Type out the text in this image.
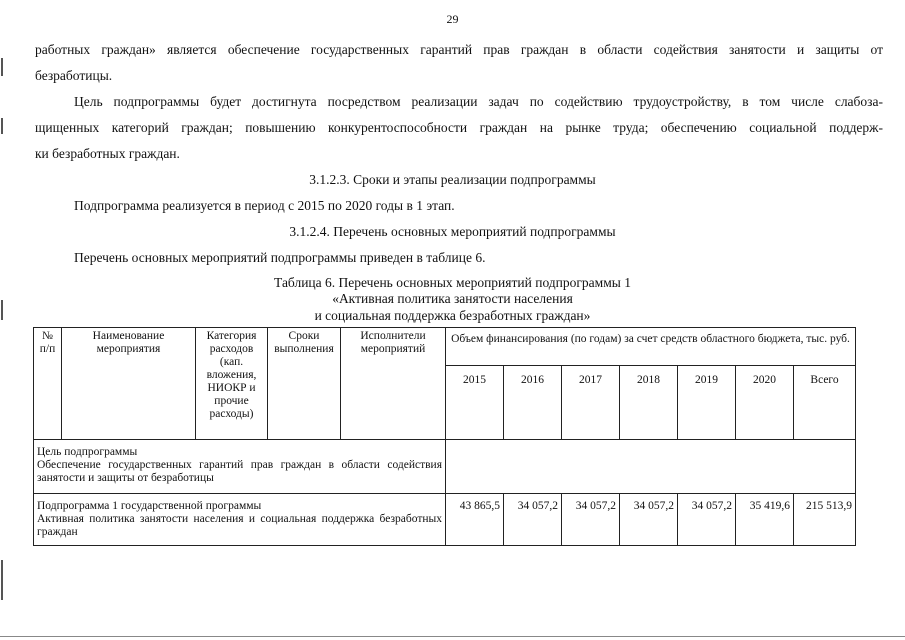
29
работных граждан» является обеспечение государственных гарантий прав граждан в области содействия занятости и защиты от
безработицы.
Цель подпрограммы будет достигнута посредством реализации задач по содействию трудоустройству, в том числе слабоза-
щищенных категорий граждан; повышению конкурентоспособности граждан на рынке труда; обеспечению социальной поддерж-
ки безработных граждан.
3.1.2.3. Сроки и этапы реализации подпрограммы
Подпрограмма реализуется в период с 2015 по 2020 годы в 1 этап.
3.1.2.4. Перечень основных мероприятий подпрограммы
Перечень основных мероприятий подпрограммы приведен в таблице 6.
Таблица 6. Перечень основных мероприятий подпрограммы 1
«Активная политика занятости населения
и социальная поддержка безработных граждан»
№ п/п	Наименование мероприятия	Категория расходов (кап. вложения, НИОКР и прочие расходы)	Сроки выполнения	Исполнители мероприятий	Объем финансирования (по годам) за счет средств областного бюджета, тыс. руб.						
					2015	2016	2017	2018	2019	2020	Всего

Цель подпрограммы
Обеспечение государственных гарантий прав граждан в области содействия занятости и защиты от безработицы											

Подпрограмма 1 государственной программы
Активная политика занятости населения и социальная поддержка безработных граждан					43 865,5	34 057,2	34 057,2	34 057,2	34 057,2	35 419,6	215 513,9
